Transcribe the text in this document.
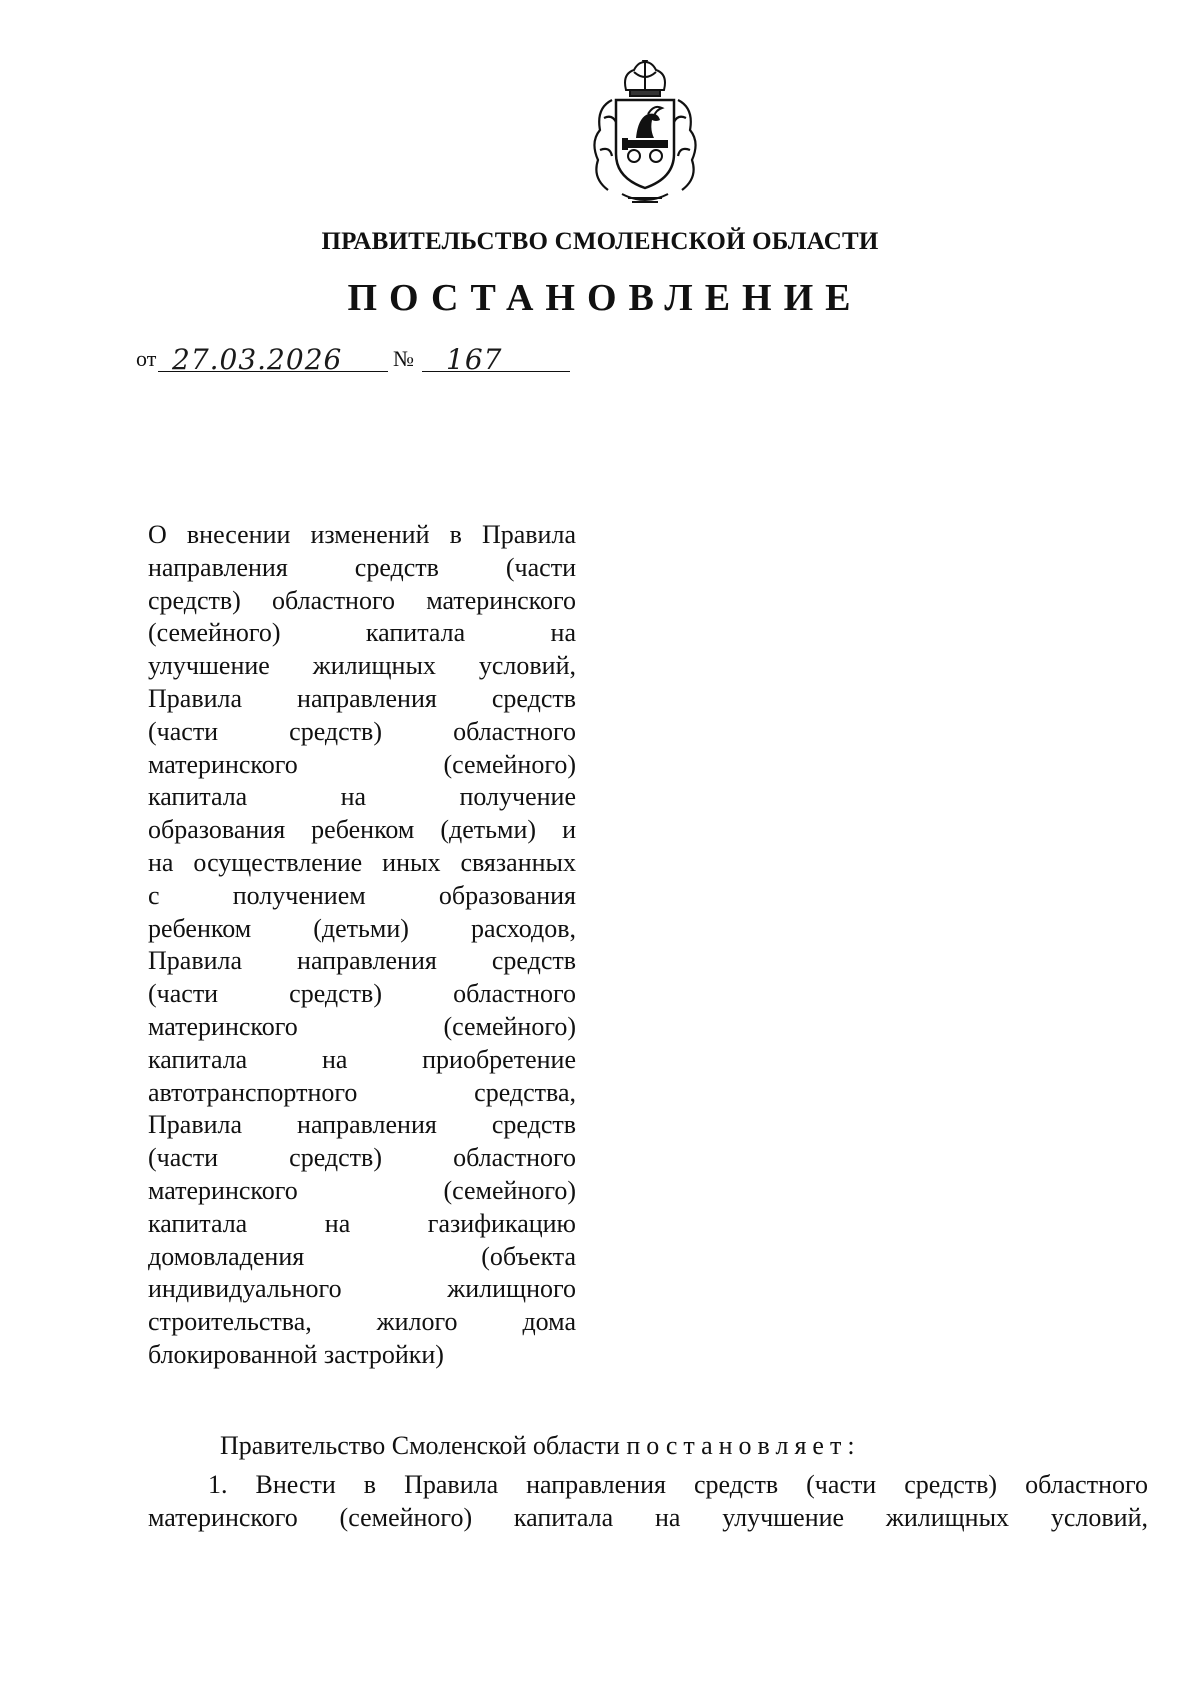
ПРАВИТЕЛЬСТВО СМОЛЕНСКОЙ ОБЛАСТИ
ПОСТАНОВЛЕНИЕ
от 27.03.2026 № 167
О внесении изменений в Правила
направления средств (части
средств) областного материнского
(семейного) капитала на
улучшение жилищных условий,
Правила направления средств
(части средств) областного
материнского (семейного)
капитала на получение
образования ребенком (детьми) и
на осуществление иных связанных
с получением образования
ребенком (детьми) расходов,
Правила направления средств
(части средств) областного
материнского (семейного)
капитала на приобретение
автотранспортного средства,
Правила направления средств
(части средств) областного
материнского (семейного)
капитала на газификацию
домовладения (объекта
индивидуального жилищного
строительства, жилого дома
блокированной застройки)
Правительство Смоленской области постановляет:
1. Внести в Правила направления средств (части средств) областного
материнского (семейного) капитала на улучшение жилищных условий,
